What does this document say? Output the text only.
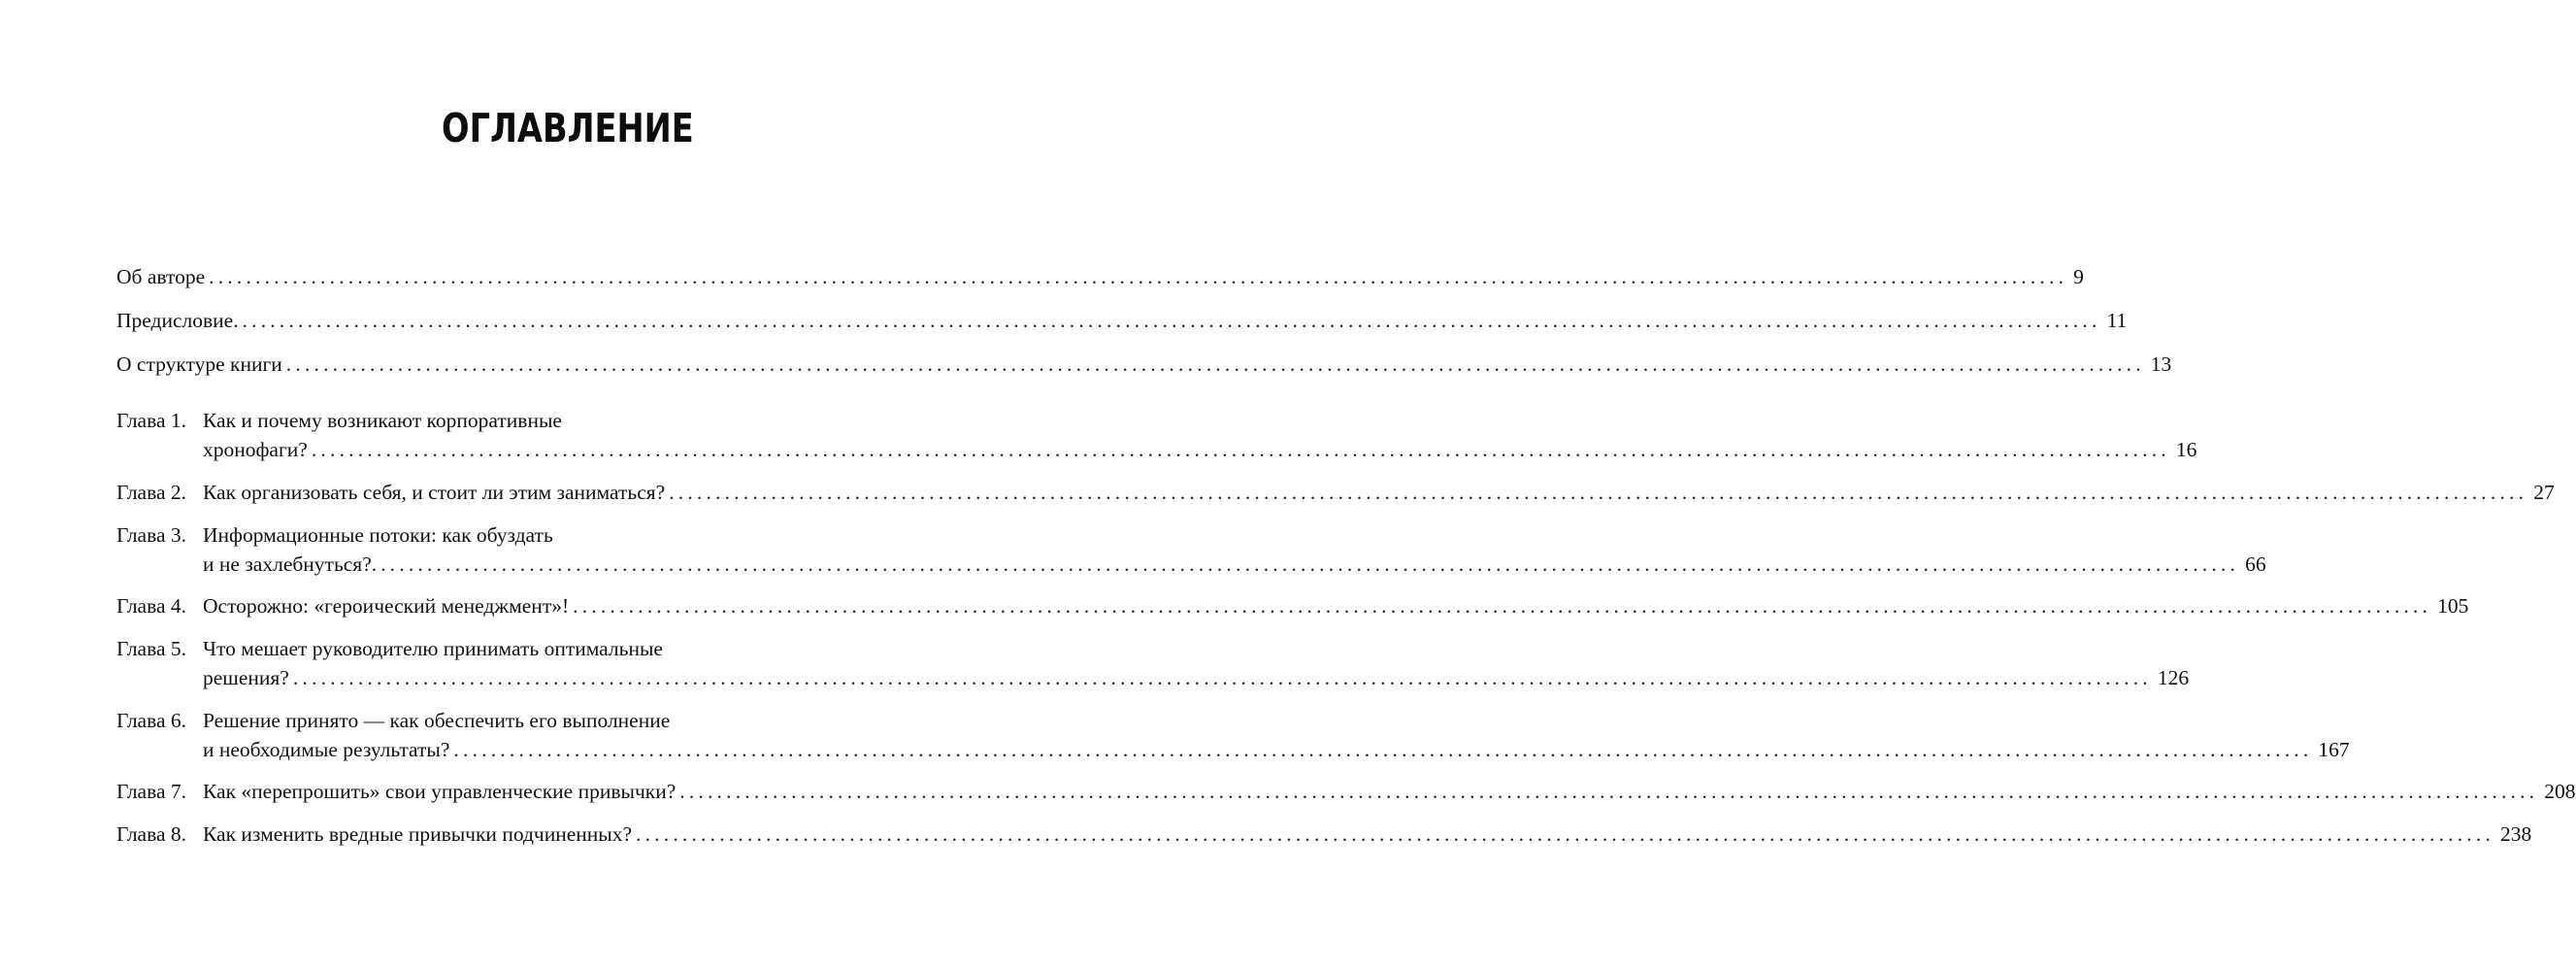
ОГЛАВЛЕНИЕ
Об авторе ........................................................................................................................................................................................................ 9
Предисловие. ........................................................................................................................................................................................................ 11
О структуре книги ........................................................................................................................................................................................................ 13
Глава 1. Как и почему возникают корпоративные
хронофаги? ........................................................................................................................................................................................................ 16
Глава 2. Как организовать себя, и стоит ли этим заниматься? ........................................................................................................................................................................................................ 27
Глава 3. Информационные потоки: как обуздать
и не захлебнуться?. ........................................................................................................................................................................................................ 66
Глава 4. Осторожно: «героический менеджмент»! ........................................................................................................................................................................................................ 105
Глава 5. Что мешает руководителю принимать оптимальные
решения? ........................................................................................................................................................................................................ 126
Глава 6. Решение принято — как обеспечить его выполнение
и необходимые результаты? ........................................................................................................................................................................................................ 167
Глава 7. Как «перепрошить» свои управленческие привычки? ........................................................................................................................................................................................................ 208
Глава 8. Как изменить вредные привычки подчиненных? ........................................................................................................................................................................................................ 238
